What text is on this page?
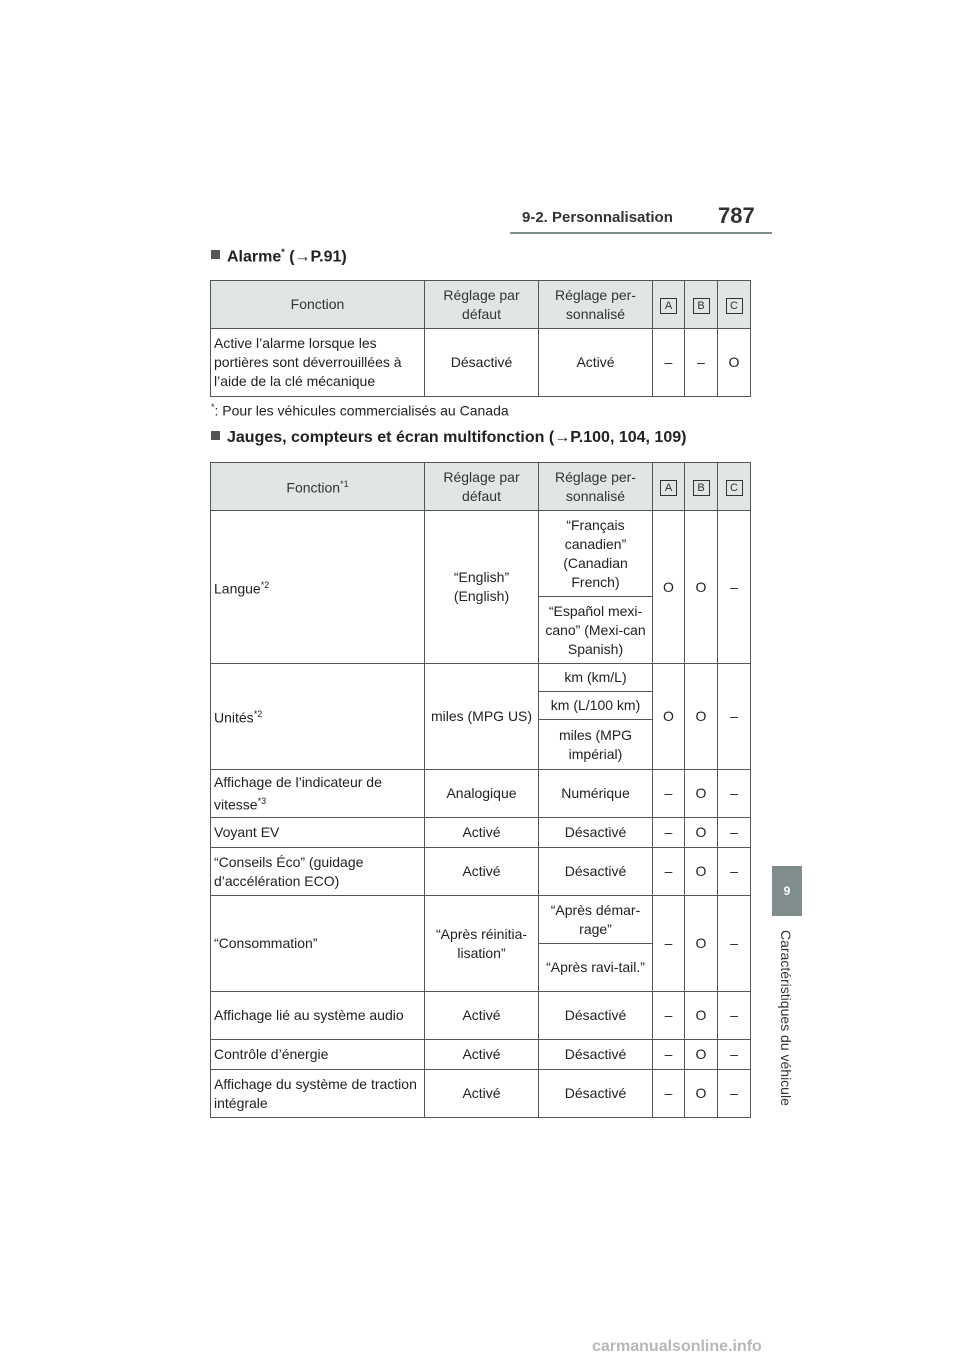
9-2. Personnalisation 787
9
Caractéristiques du véhicule
Alarme* (→P.91)
Fonction	Réglage par défaut	Réglage per-sonnalisé	A	B	C
Active l’alarme lorsque les portières sont déverrouillées à l’aide de la clé mécanique	Désactivé	Activé	–	–	O
*: Pour les véhicules commercialisés au Canada
Jauges, compteurs et écran multifonction (→P.100, 104, 109)
Fonction$^{*1}$	Réglage par défaut	Réglage per-sonnalisé	A	B	C
Langue$^{*2}$	“English” (English)	“Français canadien” (Canadian French)	O	O	–
		“Español mexi-cano” (Mexi-can Spanish)			
Unités$^{*2}$	miles (MPG US)	km (km/L)	O	O	–
		km (L/100 km)			
		miles (MPG impérial)			
Affichage de l’indicateur de vitesse$^{*3}$	Analogique	Numérique	–	O	–
Voyant EV	Activé	Désactivé	–	O	–
“Conseils Éco” (guidage d’accélération ECO)	Activé	Désactivé	–	O	–
“Consommation”	“Après réinitia-lisation”	“Après démar-rage”	–	O	–
		“Après ravi-tail.”			
Affichage lié au système audio	Activé	Désactivé	–	O	–
Contrôle d’énergie	Activé	Désactivé	–	O	–
Affichage du système de traction intégrale	Activé	Désactivé	–	O	–
carmanualsonline.info
